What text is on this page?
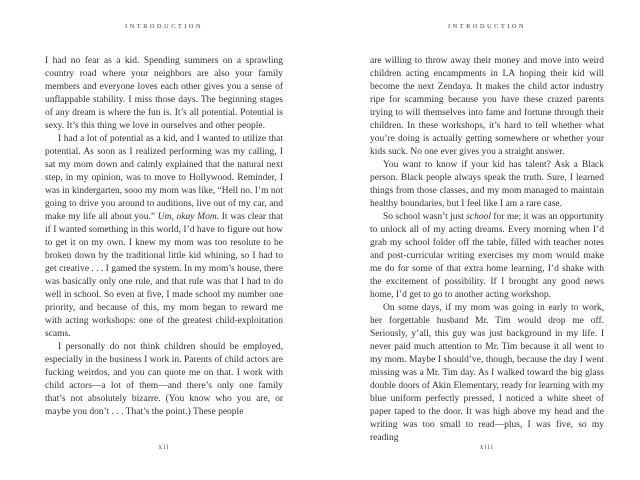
INTRODUCTION

I had no fear as a kid. Spending summers on a sprawling country road where your neighbors are also your family members and everyone loves each other gives you a sense of unflappable stability. I miss those days. The beginning stages of any dream is where the fun is. It’s all potential. Potential is sexy. It’s this thing we love in ourselves and other people.

I had a lot of potential as a kid, and I wanted to utilize that potential. As soon as I realized performing was my calling, I sat my mom down and calmly explained that the natural next step, in my opinion, was to move to Hollywood. Reminder, I was in kindergarten, sooo my mom was like, “Hell no. I’m not going to drive you around to auditions, live out of my car, and make my life all about you.” Um, okay Mom. It was clear that if I wanted something in this world, I’d have to figure out how to get it on my own. I knew my mom was too resolute to be broken down by the traditional little kid whining, so I had to get creative . . . I gamed the system. In my mom’s house, there was basically only one rule, and that rule was that I had to do well in school. So even at five, I made school my number one priority, and because of this, my mom began to reward me with acting workshops: one of the greatest child-exploitation scams.

I personally do not think children should be employed, especially in the business I work in. Parents of child actors are fucking weirdos, and you can quote me on that. I work with child actors—a lot of them—and there’s only one family that’s not absolutely bizarre. (You know who you are, or maybe you don’t . . . That’s the point.) These people

xii
INTRODUCTION

are willing to throw away their money and move into weird children acting encampments in LA hoping their kid will become the next Zendaya. It makes the child actor industry ripe for scamming because you have these crazed parents trying to will themselves into fame and fortune through their children. In these workshops, it’s hard to tell whether what you’re doing is actually getting somewhere or whether your kids suck. No one ever gives you a straight answer.

You want to know if your kid has talent? Ask a Black person. Black people always speak the truth. Sure, I learned things from those classes, and my mom managed to maintain healthy boundaries, but I feel like I am a rare case.

So school wasn’t just school for me; it was an opportunity to unlock all of my acting dreams. Every morning when I’d grab my school folder off the table, filled with teacher notes and post-curricular writing exercises my mom would make me do for some of that extra home learning, I’d shake with the excitement of possibility. If I brought any good news home, I’d get to go to another acting workshop.

On some days, if my mom was going in early to work, her forgettable husband Mr. Tim would drop me off. Seriously, y’all, this guy was just background in my life. I never paid much attention to Mr. Tim because it all went to my mom. Maybe I should’ve, though, because the day I went missing was a Mr. Tim day. As I walked toward the big glass double doors of Akin Elementary, ready for learning with my blue uniform perfectly pressed, I noticed a white sheet of paper taped to the door. It was high above my head and the writing was too small to read—plus, I was five, so my reading

xiii
